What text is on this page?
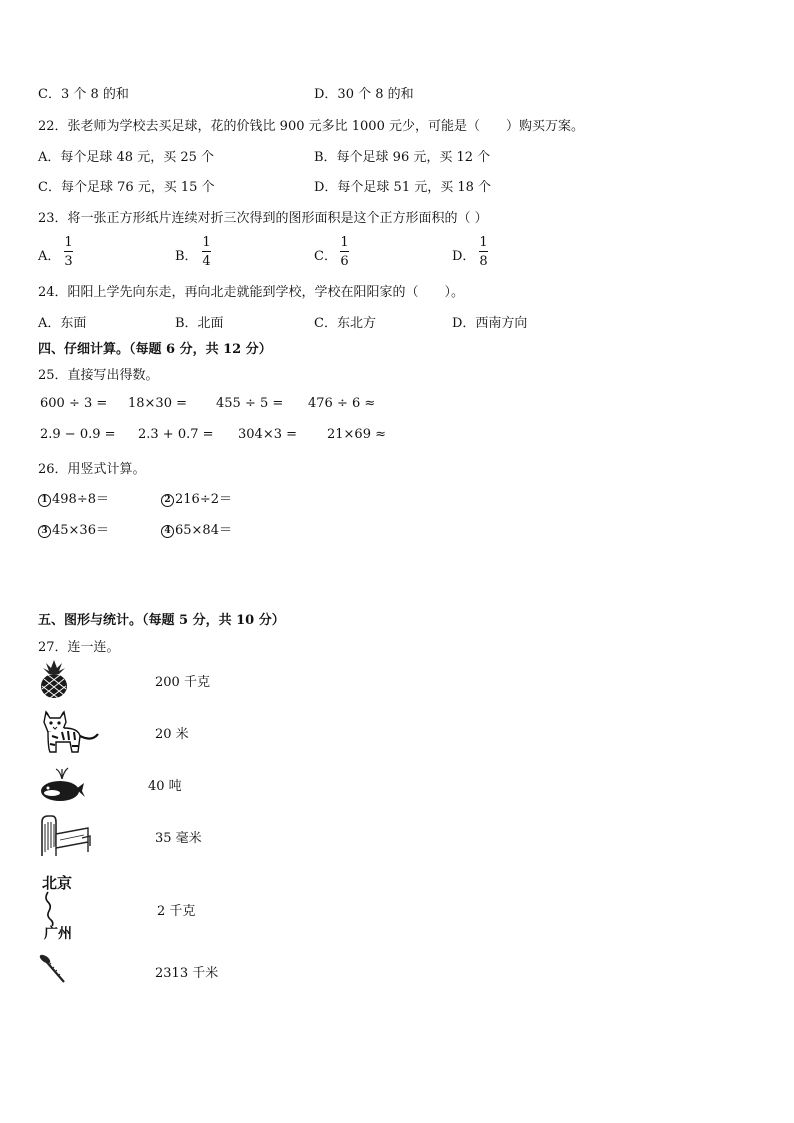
C．3 个 8 的和	D．30 个 8 的和
22．张老师为学校去买足球，花的价钱比 900 元多比 1000 元少，可能是（　　）购买万案。
A．每个足球 48 元，买 25 个	B．每个足球 96 元，买 12 个
C．每个足球 76 元，买 15 个	D．每个足球 51 元，买 18 个
23．将一张正方形纸片连续对折三次得到的图形面积是这个正方形面积的（ ）
A．
1
3	B．
1
4	C．
1
6	D．
1
8
24．阳阳上学先向东走，再向北走就能到学校，学校在阳阳家的（　　）。
A．东面	B．北面	C．东北方	D．西南方向
四、仔细计算。（每题 6 分，共 12 分）
25．直接写出得数。
600 ÷ 3 = 18×30 = 455 ÷ 5 = 476 ÷ 6 ≈
2.9 − 0.9 = 2.3 + 0.7 = 304×3 = 21×69 ≈
26．用竖式计算。
1 498÷8＝	2 216÷2＝
3 45×36＝	4 65×84＝
五、图形与统计。（每题 5 分，共 10 分）
27．连一连。
200 千克
20 米
40 吨
35 毫米
北京
广州
2 千克
2313 千米
